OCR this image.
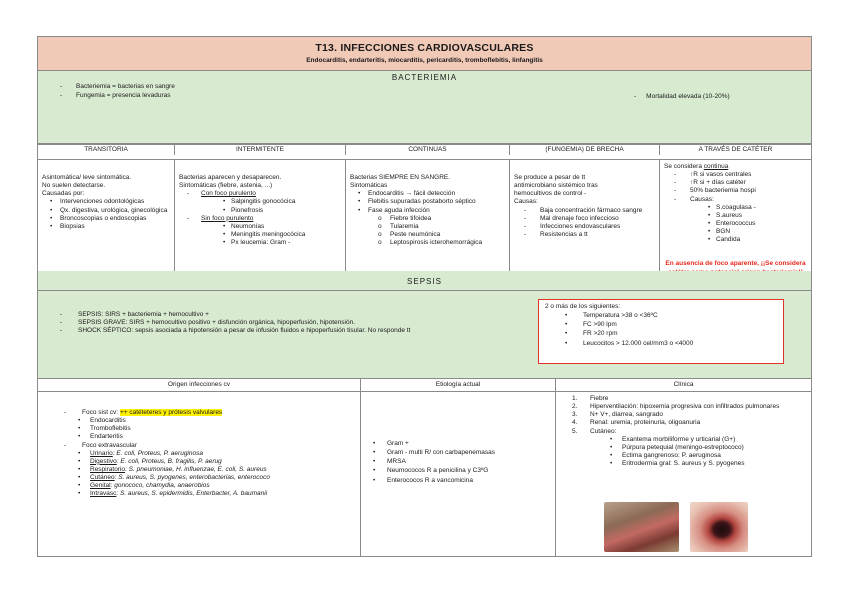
T13. INFECCIONES CARDIOVASCULARES
Endocarditis, endarteritis, miocarditis, pericarditis, tromboflebitis, linfangitis
BACTERIEMIA
- Bacteriemia = bacterias en sangre
- Fungemia = presencia levaduras
-	Mortalidad elevada (10-20%)
TRANSITORIA	INTERMITENTE	CONTINUAS	(FUNGEMIA) DE BRECHA	A TRAVÉS DE CATÉTER
Asintomática/ leve sintomática.
No suelen detectarse.
Causadas por:
• Intervenciones odontológicas
• Qx. digestiva, urológica, ginecológica
• Broncoscopias o endoscopias
• Biopsias
Bacterias aparecen y desaparecen.
Sintomáticas (fiebre, astenia, ...)
- Con foco purulento
• Salpingitis gonocócica
• Pionefrosis
- Sin foco purulento
• Neumonías
• Meningitis meningocócica
• Px leucemia: Gram -
Bacterias SIEMPRE EN SANGRE.
Sintomáticas
• Endocarditis → fácil detección
• Flebitis supuradas postaborto séptico
• Fase aguda infección
o Fiebre tifoidea
o Tularemia
o Peste neumónica
o Leptospirosis icterohemorrágica
Se produce a pesar de tt
antimicrobiano sistémico tras
hemocultivos de control -
Causas:
- Baja concentración fármaco sangre
- Mal drenaje foco infeccioso
- Infecciones endovasculares
- Resistencias a tt
Se considera continua
- ↑R si vasos centrales
- ↑R si + días catéter
- 50% bacteriemia hospi
- Causas:
• S.coagulasa -
• S.aureus
• Enterococcus
• BGN
• Candida
En ausencia de foco aparente, ¡¡Se considera
SEPSIS
- SEPSIS: SIRS + bacteriemia + hemocultivo +
- SEPSIS GRAVE: SIRS + hemocultivo positivo + disfunción orgánica, hipoperfusión, hipotensión.
- SHOCK SÉPTICO: sepsis asociada a hipotensión a pesar de infusión fluidos e hipoperfusión tisular. No responde tt
2 o más de los siguientes:
• Temperatura >38 o <36ºC
• FC >90 lpm
• FR >20 rpm
• Leucocitos > 12.000 cel/mm3 o <4000
Origen infecciones cv	Etiología actual	Clínica
- Foco sist cv: ++ catéteteres y prótesis valvulares
• Endocarditis
• Tromboflebitis
• Endarteritis
- Foco extravascular
• Urinario: E. coli, Proteus, P. aeruginosa
• Digestivo: E. coli, Proteus, B. fragilis, P. aerug
• Respiratorio: S. pneumoniae, H. influenzae, E. coli, S. aureus
• Cutáneo: S. aureus, S. pyogenes, enterobacterias, enterococo
• Genital: gonococo, chamydia, anaerobios
• Intravasc: S. aureus, S. epidermidis, Enterbacter, A. baumanii
• Gram +
• Gram - multi R/ con carbapenemasas
• MRSA
• Neumococos R a penicilina y C3ºG
• Enterococos R a vancomicina
1. Fiebre
2. Hiperventilación: hipoxemia progresiva con infiltrados pulmonares
3. N+ V+, diarrea, sangrado
4. Renal: uremia, proteinuria, oligoanuria
5. Cutáneo:
• Exantema morbiliforme y urticarial (G+)
• Púrpura petequial (meningo-estreptococo)
• Ectima gangrenoso: P. aeruginosa
• Eritrodermia gral: S. aureus y S. pyogenes
